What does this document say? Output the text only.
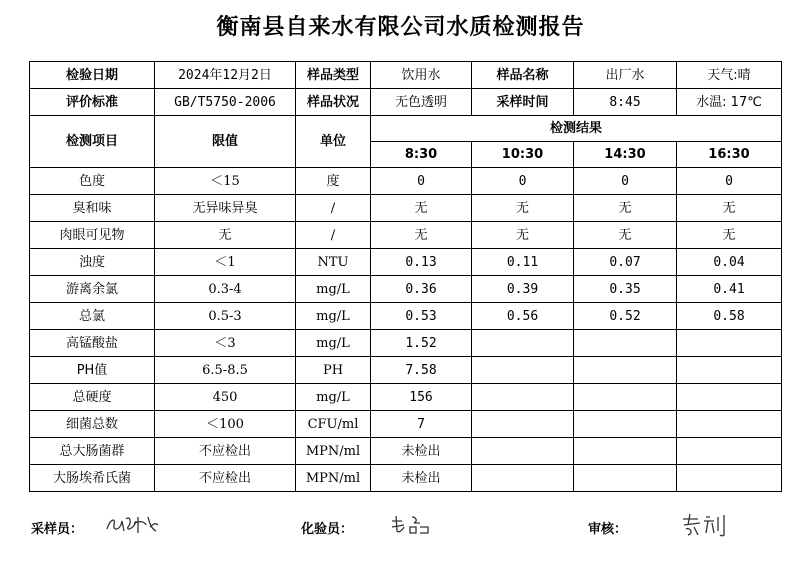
衡南县自来水有限公司水质检测报告
检验日期	2024年12月2日	样品类型	饮用水	样品名称	出厂水	天气:晴
评价标准	GB/T5750-2006	样品状况	无色透明	采样时间	8:45	水温: 17℃
检测项目	限值	单位	检测结果			
			8:30	10:30	14:30	16:30
色度	＜15	度	0	0	0	0
臭和味	无异味异臭	/	无	无	无	无
肉眼可见物	无	/	无	无	无	无
浊度	＜1	NTU	0.13	0.11	0.07	0.04
游离余氯	0.3-4	mg/L	0.36	0.39	0.35	0.41
总氯	0.5-3	mg/L	0.53	0.56	0.52	0.58
高锰酸盐	＜3	mg/L	1.52			
PH值	6.5-8.5	PH	7.58			
总硬度	450	mg/L	156			
细菌总数	＜100	CFU/ml	7			
总大肠菌群	不应检出	MPN/ml	未检出			
大肠埃希氏菌	不应检出	MPN/ml	未检出			
采样员：	化验员：	审核：
